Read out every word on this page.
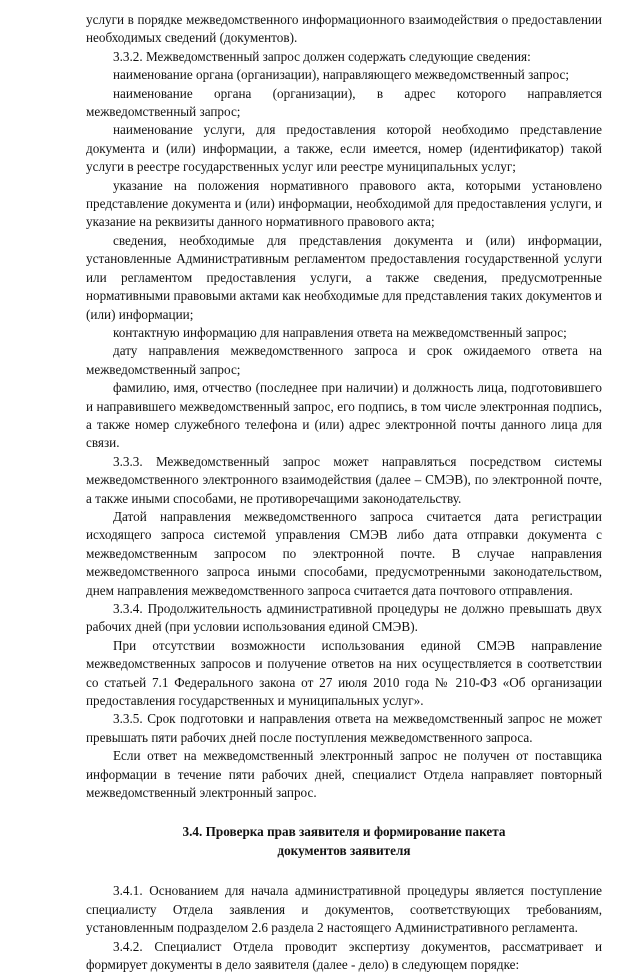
услуги в порядке межведомственного информационного взаимодействия о предоставлении необходимых сведений (документов).

3.3.2. Межведомственный запрос должен содержать следующие сведения:

наименование органа (организации), направляющего межведомственный запрос;

наименование органа (организации), в адрес которого направляется межведомственный запрос;

наименование услуги, для предоставления которой необходимо представление документа и (или) информации, а также, если имеется, номер (идентификатор) такой услуги в реестре государственных услуг или реестре муниципальных услуг;

указание на положения нормативного правового акта, которыми установлено представление документа и (или) информации, необходимой для предоставления услуги, и указание на реквизиты данного нормативного правового акта;

сведения, необходимые для представления документа и (или) информации, установленные Административным регламентом предоставления государственной услуги или регламентом предоставления услуги, а также сведения, предусмотренные нормативными правовыми актами как необходимые для представления таких документов и (или) информации;

контактную информацию для направления ответа на межведомственный запрос;

дату направления межведомственного запроса и срок ожидаемого ответа на межведомственный запрос;

фамилию, имя, отчество (последнее при наличии) и должность лица, подготовившего и направившего межведомственный запрос, его подпись, в том числе электронная подпись, а также номер служебного телефона и (или) адрес электронной почты данного лица для связи.

3.3.3. Межведомственный запрос может направляться посредством системы межведомственного электронного взаимодействия (далее – СМЭВ), по электронной почте, а также иными способами, не противоречащими законодательству.

Датой направления межведомственного запроса считается дата регистрации исходящего запроса системой управления СМЭВ либо дата отправки документа с межведомственным запросом по электронной почте. В случае направления межведомственного запроса иными способами, предусмотренными законодательством, днем направления межведомственного запроса считается дата почтового отправления.

3.3.4. Продолжительность административной процедуры не должно превышать двух рабочих дней (при условии использования единой СМЭВ).

При отсутствии возможности использования единой СМЭВ направление межведомственных запросов и получение ответов на них осуществляется в соответствии со статьей 7.1 Федерального закона от 27 июля 2010 года № 210-ФЗ «Об организации предоставления государственных и муниципальных услуг».

3.3.5. Срок подготовки и направления ответа на межведомственный запрос не может превышать пяти рабочих дней после поступления межведомственного запроса.

Если ответ на межведомственный электронный запрос не получен от поставщика информации в течение пяти рабочих дней, специалист Отдела направляет повторный межведомственный электронный запрос.

3.4. Проверка прав заявителя и формирование пакета
документов заявителя

3.4.1. Основанием для начала административной процедуры является поступление специалисту Отдела заявления и документов, соответствующих требованиям, установленным подразделом 2.6 раздела 2 настоящего Административного регламента.

3.4.2. Специалист Отдела проводит экспертизу документов, рассматривает и формирует документы в дело заявителя (далее - дело) в следующем порядке:
